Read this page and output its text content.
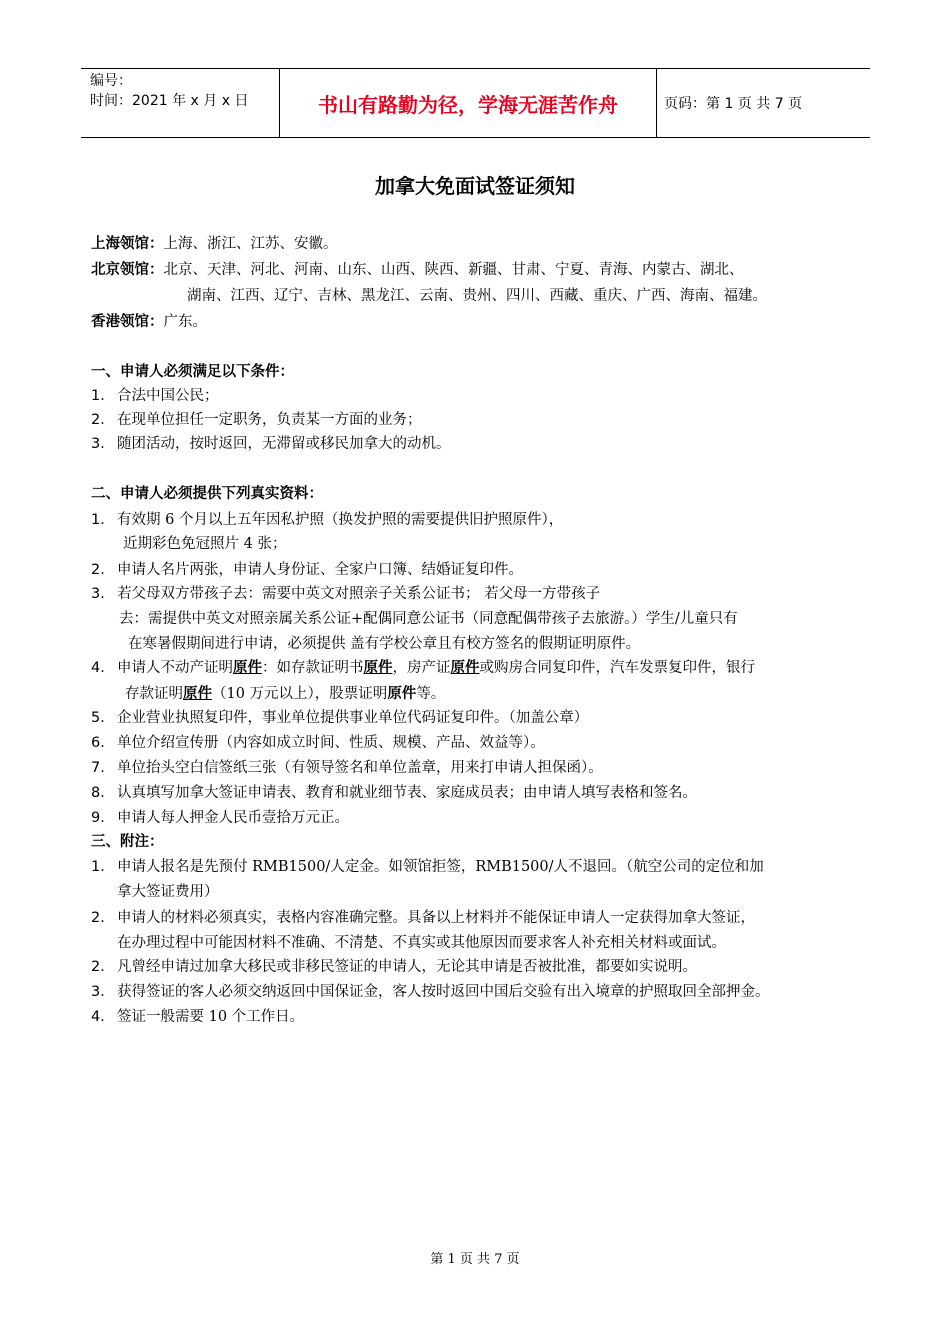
编号：
时间：2021 年 x 月 x 日	书山有路勤为径，学海无涯苦作舟	页码：第 1 页 共 7 页
加拿大免面试签证须知
上海领馆：上海、浙江、江苏、安徽。
北京领馆：北京、天津、河北、河南、山东、山西、陕西、新疆、甘肃、宁夏、青海、内蒙古、湖北、
湖南、江西、辽宁、吉林、黑龙江、云南、贵州、四川、西藏、重庆、广西、海南、福建。
香港领馆：广东。
一、申请人必须满足以下条件：
1． 合法中国公民；
2． 在现单位担任一定职务，负责某一方面的业务；
3． 随团活动，按时返回，无滞留或移民加拿大的动机。
二、申请人必须提供下列真实资料：
1． 有效期 6 个月以上五年因私护照（换发护照的需要提供旧护照原件），
近期彩色免冠照片 4 张；
2． 申请人名片两张，申请人身份证、全家户口簿、结婚证复印件。
3． 若父母双方带孩子去：需要中英文对照亲子关系公证书； 若父母一方带孩子
去：需提供中英文对照亲属关系公证+配偶同意公证书（同意配偶带孩子去旅游。）学生/儿童只有
在寒暑假期间进行申请，必须提供 盖有学校公章且有校方签名的假期证明原件。
4． 申请人不动产证明原件：如存款证明书原件，房产证原件或购房合同复印件，汽车发票复印件，银行
存款证明原件（10 万元以上），股票证明原件等。
5． 企业营业执照复印件，事业单位提供事业单位代码证复印件。（加盖公章）
6． 单位介绍宣传册（内容如成立时间、性质、规模、产品、效益等）。
7． 单位抬头空白信签纸三张（有领导签名和单位盖章，用来打申请人担保函）。
8． 认真填写加拿大签证申请表、教育和就业细节表、家庭成员表；由申请人填写表格和签名。
9． 申请人每人押金人民币壹拾万元正。
三、附注：
1． 申请人报名是先预付 RMB1500/人定金。如领馆拒签，RMB1500/人不退回。（航空公司的定位和加
拿大签证费用）
2． 申请人的材料必须真实，表格内容准确完整。具备以上材料并不能保证申请人一定获得加拿大签证，
在办理过程中可能因材料不准确、不清楚、不真实或其他原因而要求客人补充相关材料或面试。
2． 凡曾经申请过加拿大移民或非移民签证的申请人，无论其申请是否被批准，都要如实说明。
3． 获得签证的客人必须交纳返回中国保证金，客人按时返回中国后交验有出入境章的护照取回全部押金。
4． 签证一般需要 10 个工作日。
第 1 页 共 7 页
